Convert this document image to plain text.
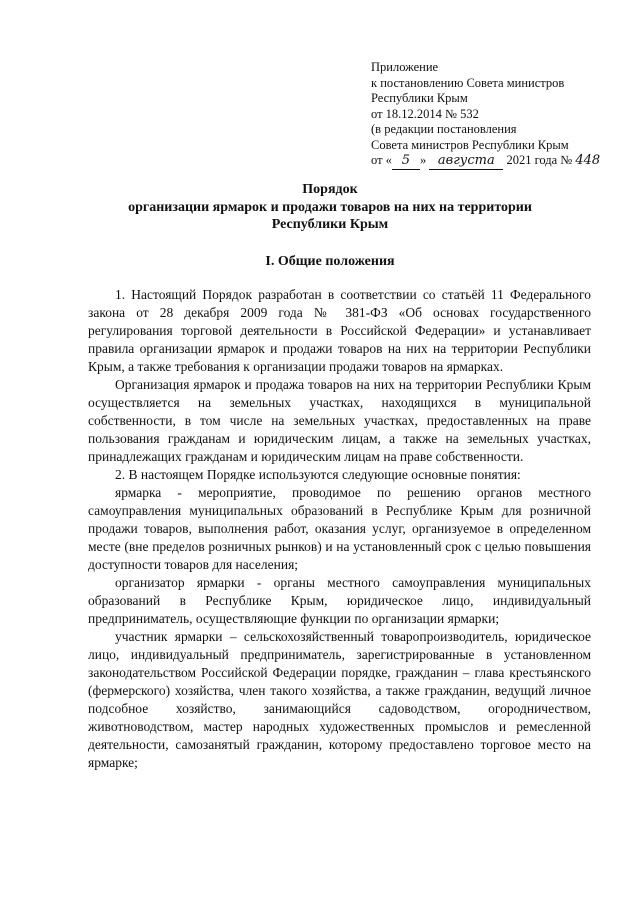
Приложение
к постановлению Совета министров
Республики Крым
от 18.12.2014 № 532
(в редакции постановления
Совета министров Республики Крым
от « 5 » августа 2021 года № 448
Порядок
организации ярмарок и продажи товаров на них на территории
Республики Крым
I. Общие положения

1. Настоящий Порядок разработан в соответствии со статьёй 11 Федерального закона от 28 декабря 2009 года № 381-ФЗ «Об основах государственного регулирования торговой деятельности в Российской Федерации» и устанавливает правила организации ярмарок и продажи товаров на них на территории Республики Крым, а также требования к организации продажи товаров на ярмарках.

Организация ярмарок и продажа товаров на них на территории Республики Крым осуществляется на земельных участках, находящихся в муниципальной собственности, в том числе на земельных участках, предоставленных на праве пользования гражданам и юридическим лицам, а также на земельных участках, принадлежащих гражданам и юридическим лицам на праве собственности.

2. В настоящем Порядке используются следующие основные понятия:

ярмарка - мероприятие, проводимое по решению органов местного самоуправления муниципальных образований в Республике Крым для розничной продажи товаров, выполнения работ, оказания услуг, организуемое в определенном месте (вне пределов розничных рынков) и на установленный срок с целью повышения доступности товаров для населения;

организатор ярмарки - органы местного самоуправления муниципальных образований в Республике Крым, юридическое лицо, индивидуальный предприниматель, осуществляющие функции по организации ярмарки;

участник ярмарки – сельскохозяйственный товаропроизводитель, юридическое лицо, индивидуальный предприниматель, зарегистрированные в установленном законодательством Российской Федерации порядке, гражданин – глава крестьянского (фермерского) хозяйства, член такого хозяйства, а также гражданин, ведущий личное подсобное хозяйство, занимающийся садоводством, огородничеством, животноводством, мастер народных художественных промыслов и ремесленной деятельности, самозанятый гражданин, которому предоставлено торговое место на ярмарке;
